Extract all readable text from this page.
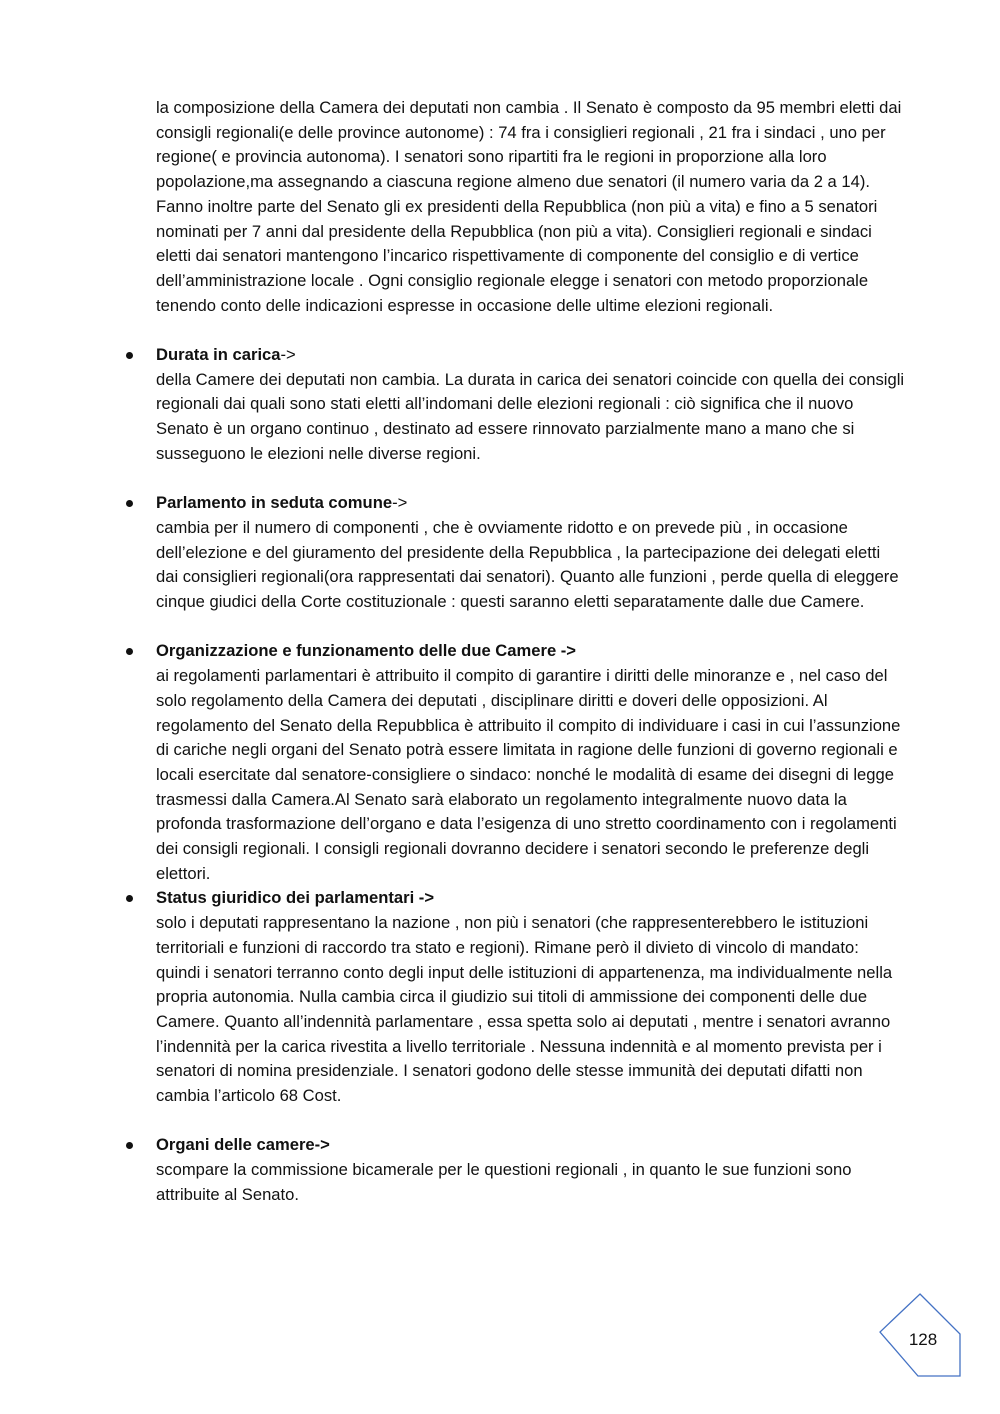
la composizione della Camera dei deputati non cambia . Il Senato è composto da 95 membri eletti dai consigli regionali(e delle province autonome) : 74 fra i consiglieri regionali , 21 fra i sindaci , uno per regione( e provincia autonoma). I senatori sono ripartiti fra le regioni in proporzione alla loro popolazione,ma assegnando a ciascuna regione almeno due senatori (il numero varia da 2 a 14). Fanno inoltre parte del Senato gli ex presidenti della Repubblica (non più a vita) e fino a 5 senatori nominati per 7 anni dal presidente della Repubblica (non più a vita). Consiglieri regionali e sindaci eletti dai senatori mantengono l’incarico rispettivamente di componente del consiglio e di vertice dell’amministrazione locale . Ogni consiglio regionale elegge i senatori con metodo proporzionale tenendo conto delle indicazioni espresse in occasione delle ultime elezioni regionali.

Durata in carica->
della Camere dei deputati non cambia. La durata in carica dei senatori coincide con quella dei consigli regionali dai quali sono stati eletti all’indomani delle elezioni regionali : ciò significa che il nuovo Senato è un organo continuo , destinato ad essere rinnovato parzialmente mano a mano che si susseguono le elezioni nelle diverse regioni.
Parlamento in seduta comune->
cambia per il numero di componenti , che è ovviamente ridotto e on prevede più , in occasione dell’elezione e del giuramento del presidente della Repubblica , la partecipazione dei delegati eletti dai consiglieri regionali(ora rappresentati dai senatori). Quanto alle funzioni , perde quella di eleggere cinque giudici della Corte costituzionale : questi saranno eletti separatamente dalle due Camere.
Organizzazione e funzionamento delle due Camere ->
ai regolamenti parlamentari è attribuito il compito di garantire i diritti delle minoranze e , nel caso del solo regolamento della Camera dei deputati , disciplinare diritti e doveri delle opposizioni. Al regolamento del Senato della Repubblica è attribuito il compito di individuare i casi in cui l’assunzione di cariche negli organi del Senato potrà essere limitata in ragione delle funzioni di governo regionali e locali esercitate dal senatore-consigliere o sindaco: nonché le modalità di esame dei disegni di legge trasmessi dalla Camera.Al Senato sarà elaborato un regolamento integralmente nuovo data la profonda trasformazione dell’organo e data l’esigenza di uno stretto coordinamento con i regolamenti dei consigli regionali. I consigli regionali dovranno decidere i senatori secondo le preferenze degli elettori.
Status giuridico dei parlamentari ->
solo i deputati rappresentano la nazione , non più i senatori (che rappresenterebbero le istituzioni territoriali e funzioni di raccordo tra stato e regioni). Rimane però il divieto di vincolo di mandato: quindi i senatori terranno conto degli input delle istituzioni di appartenenza, ma individualmente nella propria autonomia. Nulla cambia circa il giudizio sui titoli di ammissione dei componenti delle due Camere. Quanto all’indennità parlamentare , essa spetta solo ai deputati , mentre i senatori avranno l’indennità per la carica rivestita a livello territoriale . Nessuna indennità e al momento prevista per i senatori di nomina presidenziale. I senatori godono delle stesse immunità dei deputati difatti non cambia l’articolo 68 Cost.
Organi delle camere->
scompare la commissione bicamerale per le questioni regionali , in quanto le sue funzioni sono attribuite al Senato.
128
